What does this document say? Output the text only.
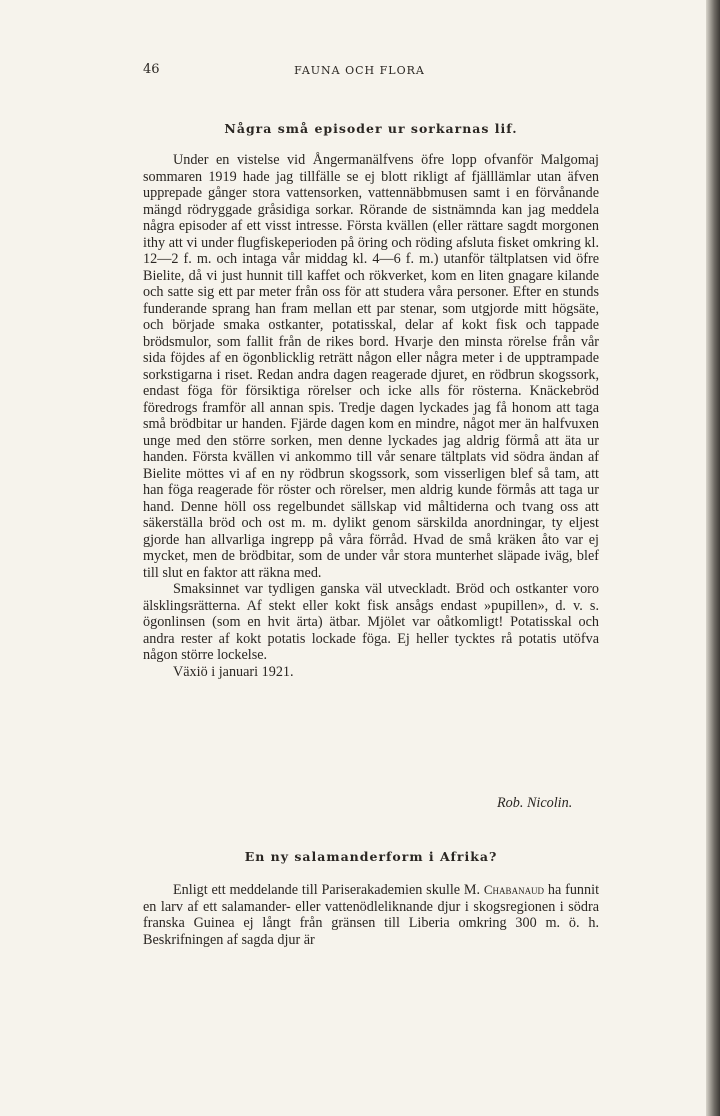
46	FAUNA OCH FLORA
Några små episoder ur sorkarnas lif.

Under en vistelse vid Ångermanälfvens öfre lopp ofvanför Malgomaj sommaren 1919 hade jag tillfälle se ej blott rikligt af fjälllämlar utan äfven upprepade gånger stora vattensorken, vattennäbbmusen samt i en förvånande mängd rödryggade gråsidiga sorkar. Rörande de sistnämnda kan jag meddela några episoder af ett visst intresse. Första kvällen (eller rättare sagdt morgonen ithy att vi under flugfiskeperioden på öring och röding afsluta fisket omkring kl. 12—2 f. m. och intaga vår middag kl. 4—6 f. m.) utanför tältplatsen vid öfre Bielite, då vi just hunnit till kaffet och rökverket, kom en liten gnagare kilande och satte sig ett par meter från oss för att studera våra personer. Efter en stunds funderande sprang han fram mellan ett par stenar, som utgjorde mitt högsäte, och började smaka ostkanter, potatisskal, delar af kokt fisk och tappade brödsmulor, som fallit från de rikes bord. Hvarje den minsta rörelse från vår sida föjdes af en ögonblicklig reträtt någon eller några meter i de upptrampade sorkstigarna i riset. Redan andra dagen reagerade djuret, en rödbrun skogssork, endast föga för försiktiga rörelser och icke alls för rösterna. Knäckebröd föredrogs framför all annan spis. Tredje dagen lyckades jag få honom att taga små brödbitar ur handen. Fjärde dagen kom en mindre, något mer än halfvuxen unge med den större sorken, men denne lyckades jag aldrig förmå att äta ur handen. Första kvällen vi ankommo till vår senare tältplats vid södra ändan af Bielite möttes vi af en ny rödbrun skogssork, som visserligen blef så tam, att han föga reagerade för röster och rörelser, men aldrig kunde förmås att taga ur hand. Denne höll oss regelbundet sällskap vid måltiderna och tvang oss att säkerställa bröd och ost m. m. dylikt genom särskilda anordningar, ty eljest gjorde han allvarliga ingrepp på våra förråd. Hvad de små kräken åto var ej mycket, men de brödbitar, som de under vår stora munterhet släpade iväg, blef till slut en faktor att räkna med.

Smaksinnet var tydligen ganska väl utveckladt. Bröd och ostkanter voro älsklingsrätterna. Af stekt eller kokt fisk ansågs endast »pupillen», d. v. s. ögonlinsen (som en hvit ärta) ätbar. Mjölet var oåtkomligt! Potatisskal och andra rester af kokt potatis lockade föga. Ej heller tycktes rå potatis utöfva någon större lockelse.

Växiö i januari 1921.

Rob. Nicolin.
En ny salamanderform i Afrika?

Enligt ett meddelande till Pariserakademien skulle M. Chabanaud ha funnit en larv af ett salamander- eller vattenödleliknande djur i skogsregionen i södra franska Guinea ej långt från gränsen till Liberia omkring 300 m. ö. h. Beskrifningen af sagda djur är
